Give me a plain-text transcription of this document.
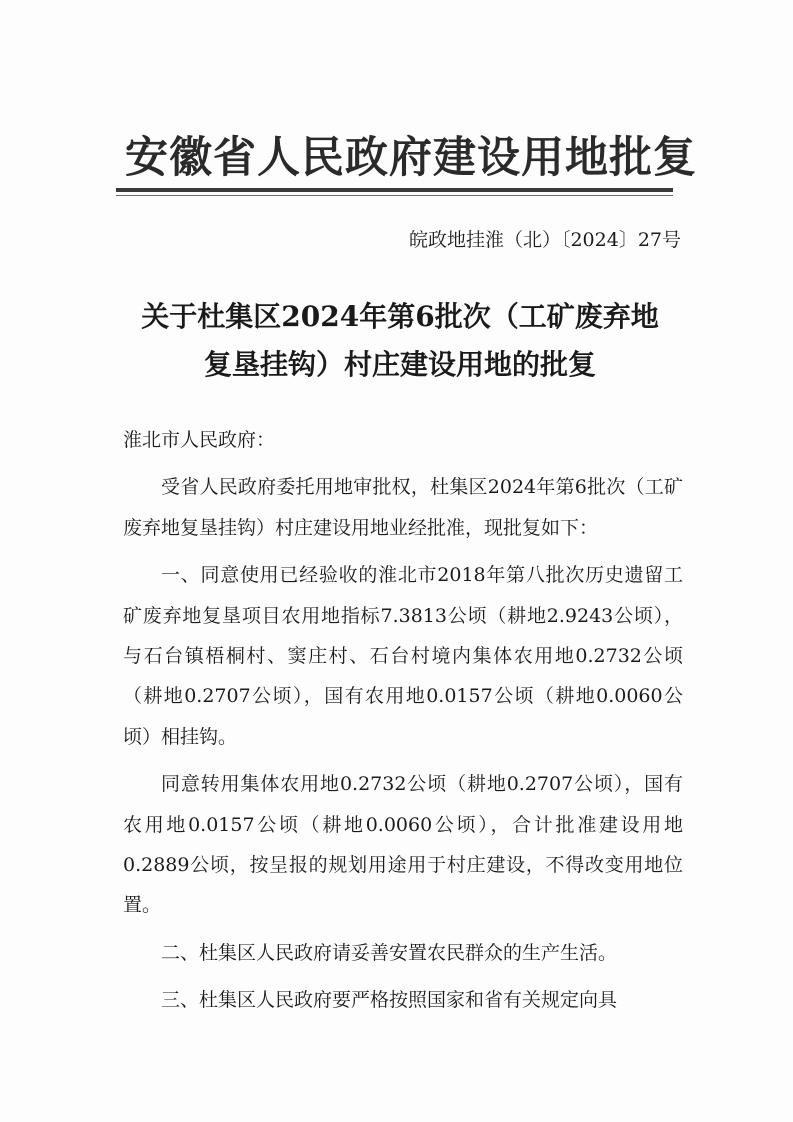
安徽省人民政府建设用地批复
皖政地挂淮（北）〔2024〕27号
关于杜集区2024年第6批次（工矿废弃地
复垦挂钩）村庄建设用地的批复

淮北市人民政府：

受省人民政府委托用地审批权，杜集区2024年第6批次（工矿废弃地复垦挂钩）村庄建设用地业经批准，现批复如下：

一、同意使用已经验收的淮北市2018年第八批次历史遗留工矿废弃地复垦项目农用地指标7.3813公顷（耕地2.9243公顷），与石台镇梧桐村、窦庄村、石台村境内集体农用地0.2732公顷（耕地0.2707公顷），国有农用地0.0157公顷（耕地0.0060公顷）相挂钩。

同意转用集体农用地0.2732公顷（耕地0.2707公顷），国有农用地0.0157公顷（耕地0.0060公顷），合计批准建设用地0.2889公顷，按呈报的规划用途用于村庄建设，不得改变用地位置。

二、杜集区人民政府请妥善安置农民群众的生产生活。

三、杜集区人民政府要严格按照国家和省有关规定向具
